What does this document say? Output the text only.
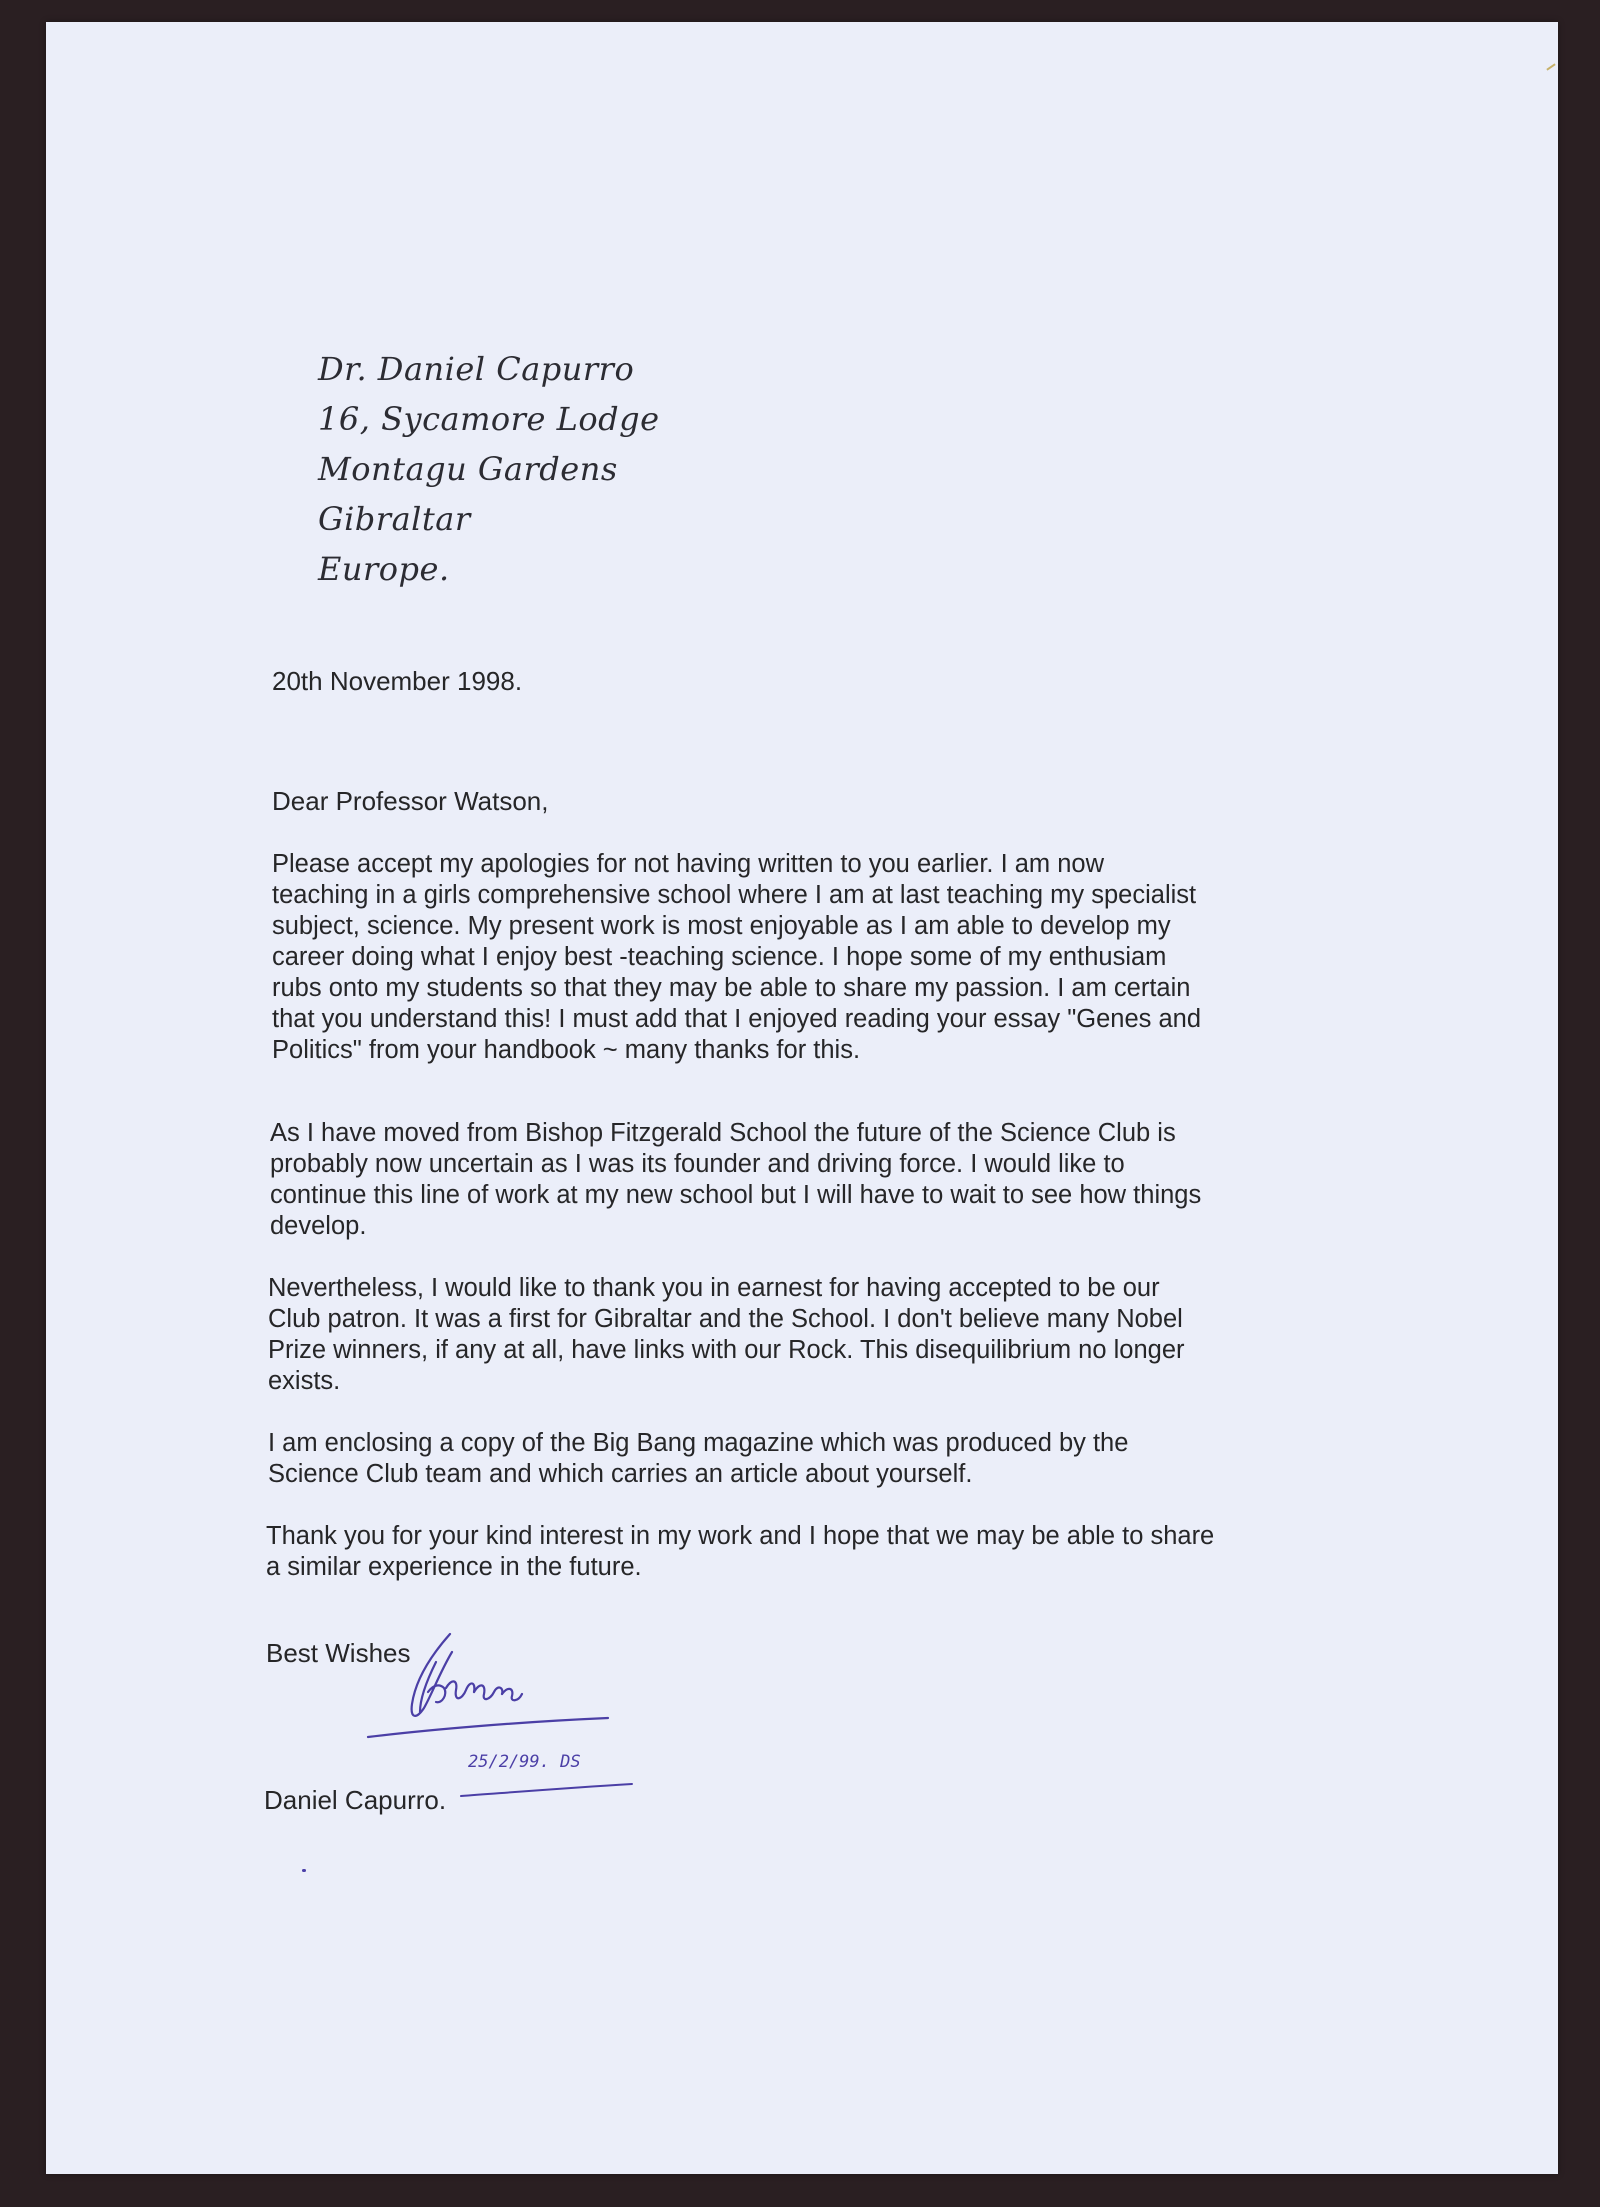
Dr. Daniel Capurro
16, Sycamore Lodge
Montagu Gardens
Gibraltar
Europe.
20th November 1998.
Dear Professor Watson,
Please accept my apologies for not having written to you earlier. I am now
teaching in a girls comprehensive school where I am at last teaching my specialist
subject, science. My present work is most enjoyable as I am able to develop my
career doing what I enjoy best -teaching science. I hope some of my enthusiam
rubs onto my students so that they may be able to share my passion. I am certain
that you understand this! I must add that I enjoyed reading your essay "Genes and
Politics" from your handbook ~ many thanks for this.
As I have moved from Bishop Fitzgerald School the future of the Science Club is
probably now uncertain as I was its founder and driving force. I would like to
continue this line of work at my new school but I will have to wait to see how things
develop.
Nevertheless, I would like to thank you in earnest for having accepted to be our
Club patron. It was a first for Gibraltar and the School. I don't believe many Nobel
Prize winners, if any at all, have links with our Rock. This disequilibrium no longer
exists.
I am enclosing a copy of the Big Bang magazine which was produced by the
Science Club team and which carries an article about yourself.
Thank you for your kind interest in my work and I hope that we may be able to share
a similar experience in the future.
Best Wishes
25/2/99. DS
Daniel Capurro.
